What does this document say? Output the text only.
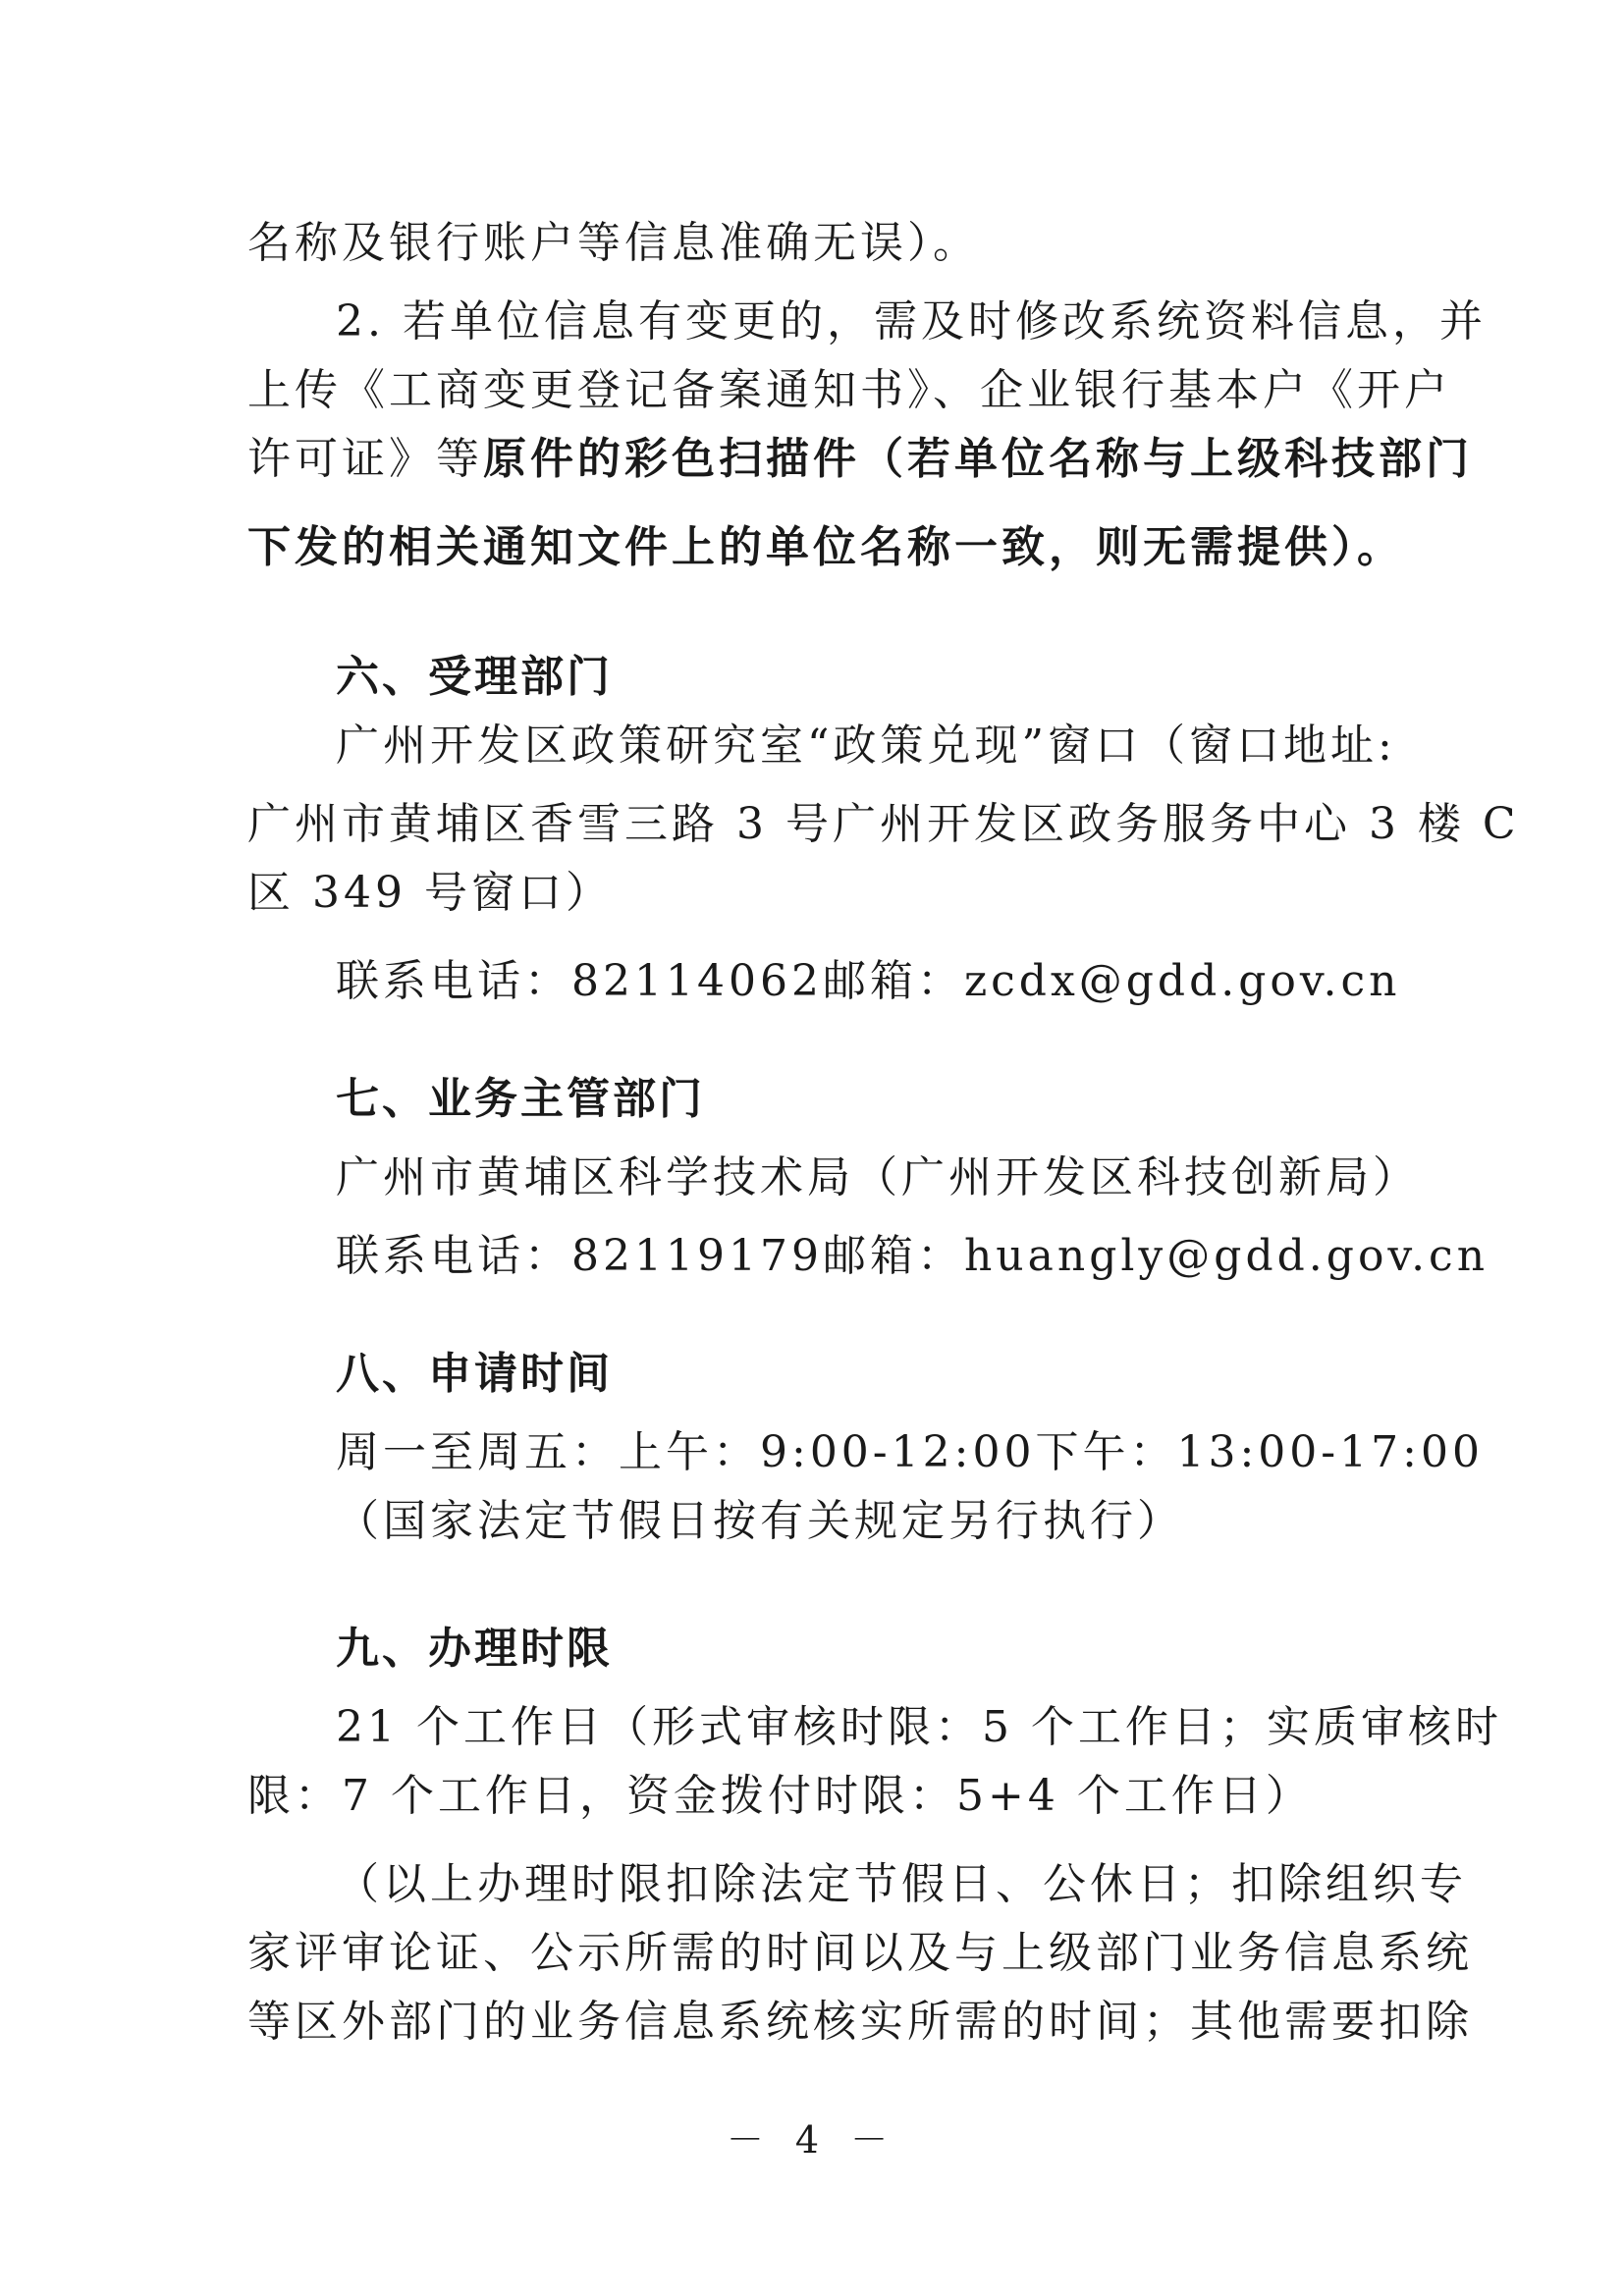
名称及银行账户等信息准确无误）。
2. 若单位信息有变更的，需及时修改系统资料信息，并
上传《工商变更登记备案通知书》、企业银行基本户《开户
许可证》等原件的彩色扫描件（若单位名称与上级科技部门
下发的相关通知文件上的单位名称一致，则无需提供）。
六、受理部门
广州开发区政策研究室“政策兑现”窗口（窗口地址:
广州市黄埔区香雪三路 3 号广州开发区政务服务中心 3 楼 C
区 349 号窗口）
联系电话：82114062 邮箱：zcdx@gdd.gov.cn
七、业务主管部门
广州市黄埔区科学技术局（广州开发区科技创新局）
联系电话：82119179 邮箱：huangly@gdd.gov.cn
八、申请时间
周一至周五：上午：9:00-12:00 下午：13:00-17:00
（国家法定节假日按有关规定另行执行）
九、办理时限
21 个工作日（形式审核时限：5 个工作日；实质审核时
限：7 个工作日，资金拨付时限：5+4 个工作日）
（以上办理时限扣除法定节假日、公休日；扣除组织专
家评审论证、公示所需的时间以及与上级部门业务信息系统
等区外部门的业务信息系统核实所需的时间；其他需要扣除
－ 4 －
